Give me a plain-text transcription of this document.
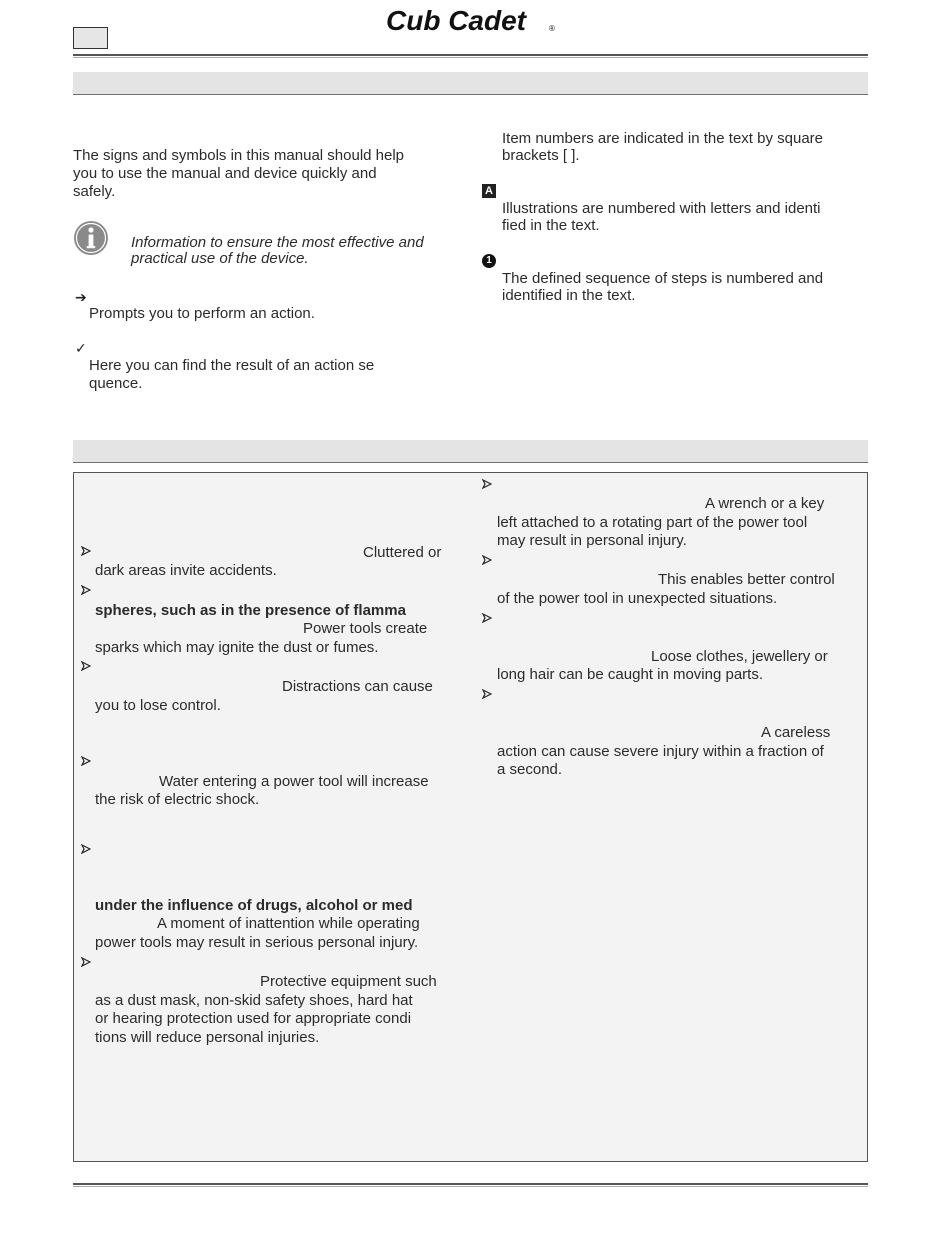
Cub Cadet	®
The signs and symbols in this manual should help
you to use the manual and device quickly and
safely.
Information to ensure the most effective and
practical use of the device.
➔
Prompts you to perform an action.
✓
Here you can find the result of an action se
quence.
Item numbers are indicated in the text by square
brackets [ ].
A
Illustrations are numbered with letters and identi
fied in the text.
1
The defined sequence of steps is numbered and
identified in the text.
Cluttered or
dark areas invite accidents.
spheres, such as in the presence of flamma
Power tools create
sparks which may ignite the dust or fumes.
Distractions can cause
you to lose control.
Water entering a power tool will increase
the risk of electric shock.
under the influence of drugs, alcohol or med
A moment of inattention while operating
power tools may result in serious personal injury.
Protective equipment such
as a dust mask, non-skid safety shoes, hard hat
or hearing protection used for appropriate condi
tions will reduce personal injuries.
A wrench or a key
left attached to a rotating part of the power tool
may result in personal injury.
This enables better control
of the power tool in unexpected situations.
Loose clothes, jewellery or
long hair can be caught in moving parts.
A careless
action can cause severe injury within a fraction of
a second.
